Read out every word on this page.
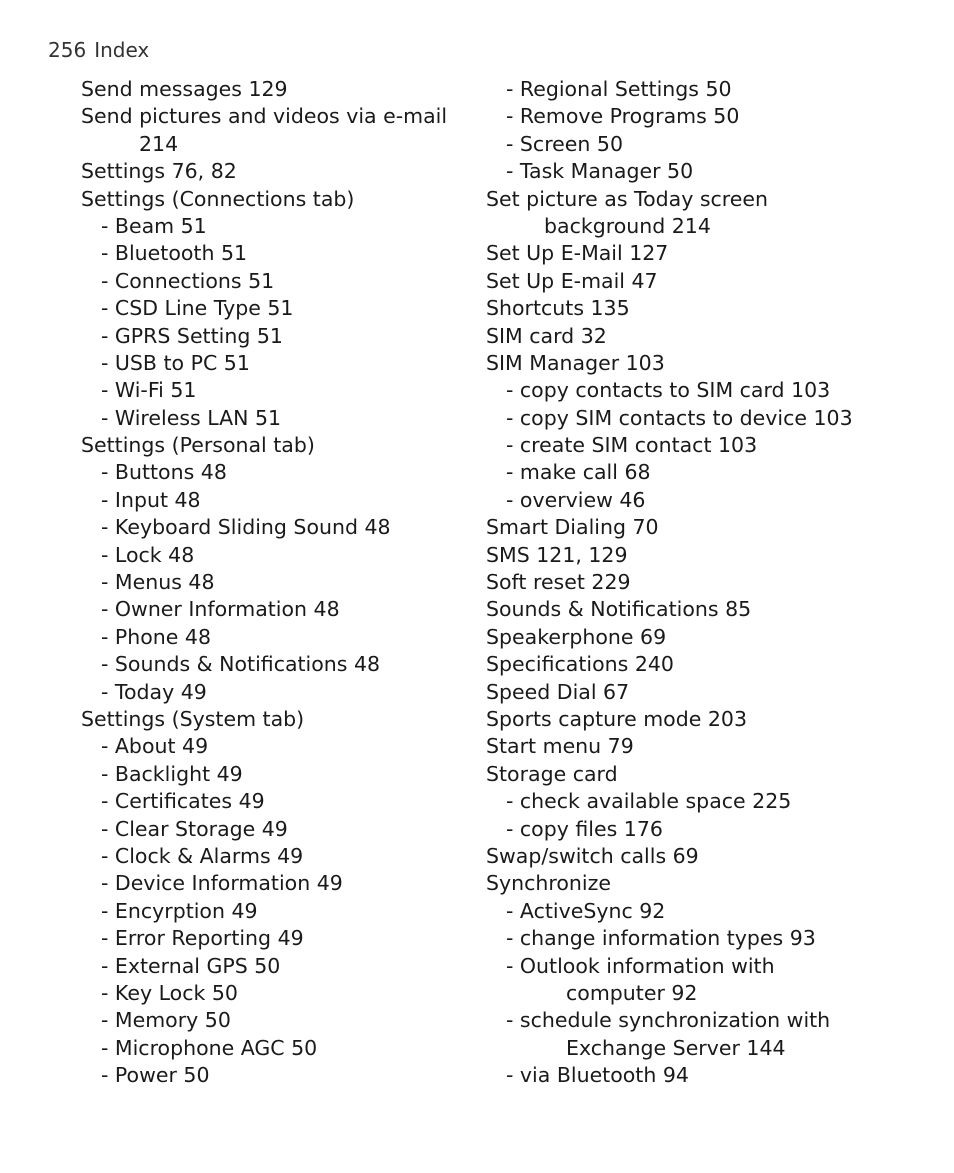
256 Index
Send messages 129
Send pictures and videos via e-mail
214
Settings 76, 82
Settings (Connections tab)
- Beam 51
- Bluetooth 51
- Connections 51
- CSD Line Type 51
- GPRS Setting 51
- USB to PC 51
- Wi-Fi 51
- Wireless LAN 51
Settings (Personal tab)
- Buttons 48
- Input 48
- Keyboard Sliding Sound 48
- Lock 48
- Menus 48
- Owner Information 48
- Phone 48
- Sounds & Notifications 48
- Today 49
Settings (System tab)
- About 49
- Backlight 49
- Certificates 49
- Clear Storage 49
- Clock & Alarms 49
- Device Information 49
- Encyrption 49
- Error Reporting 49
- External GPS 50
- Key Lock 50
- Memory 50
- Microphone AGC 50
- Power 50
- Regional Settings 50
- Remove Programs 50
- Screen 50
- Task Manager 50
Set picture as Today screen
background 214
Set Up E-Mail 127
Set Up E-mail 47
Shortcuts 135
SIM card 32
SIM Manager 103
- copy contacts to SIM card 103
- copy SIM contacts to device 103
- create SIM contact 103
- make call 68
- overview 46
Smart Dialing 70
SMS 121, 129
Soft reset 229
Sounds & Notifications 85
Speakerphone 69
Specifications 240
Speed Dial 67
Sports capture mode 203
Start menu 79
Storage card
- check available space 225
- copy files 176
Swap/switch calls 69
Synchronize
- ActiveSync 92
- change information types 93
- Outlook information with
computer 92
- schedule synchronization with
Exchange Server 144
- via Bluetooth 94
